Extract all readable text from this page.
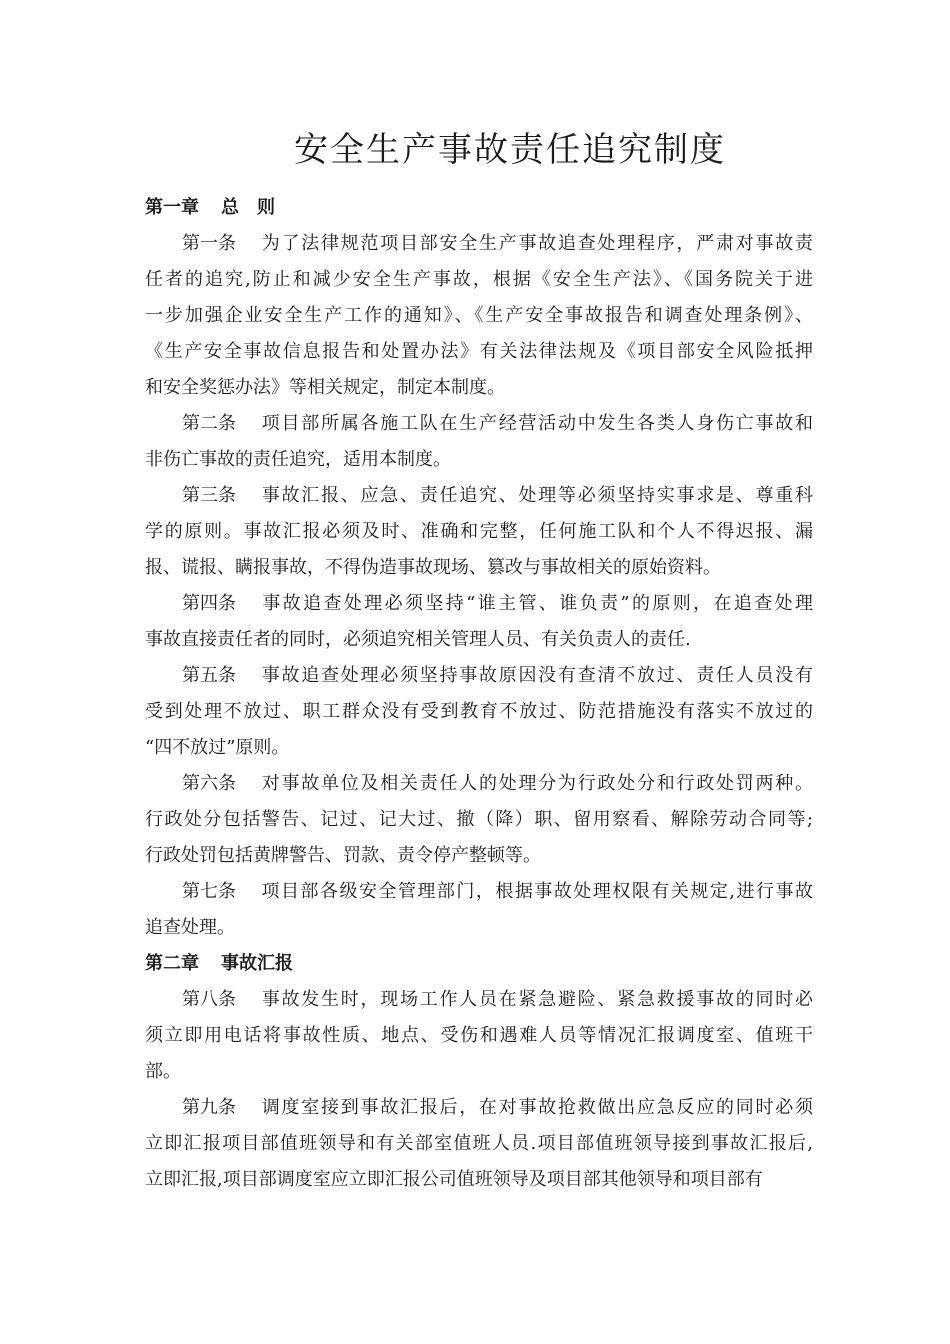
安全生产事故责任追究制度
第一章 总　则
第一条 为了法律规范项目部安全生产事故追查处理程序，严肃对事故责
任者的追究,防止和减少安全生产事故，根据《安全生产法》、《国务院关于进
一步加强企业安全生产工作的通知》、《生产安全事故报告和调查处理条例》、
《生产安全事故信息报告和处置办法》有关法律法规及《项目部安全风险抵押
和安全奖惩办法》等相关规定，制定本制度。
第二条 项目部所属各施工队在生产经营活动中发生各类人身伤亡事故和
非伤亡事故的责任追究，适用本制度。
第三条 事故汇报、应急、责任追究、处理等必须坚持实事求是、尊重科
学的原则。事故汇报必须及时、准确和完整，任何施工队和个人不得迟报、漏
报、谎报、瞒报事故，不得伪造事故现场、篡改与事故相关的原始资料。
第四条 事故追查处理必须坚持“谁主管、谁负责”的原则，在追查处理
事故直接责任者的同时，必须追究相关管理人员、有关负责人的责任.
第五条 事故追查处理必须坚持事故原因没有查清不放过、责任人员没有
受到处理不放过、职工群众没有受到教育不放过、防范措施没有落实不放过的
“四不放过”原则。
第六条 对事故单位及相关责任人的处理分为行政处分和行政处罚两种。
行政处分包括警告、记过、记大过、撤（降）职、留用察看、解除劳动合同等;
行政处罚包括黄牌警告、罚款、责令停产整顿等。
第七条 项目部各级安全管理部门，根据事故处理权限有关规定,进行事故
追查处理。
第二章 事故汇报
第八条 事故发生时，现场工作人员在紧急避险、紧急救援事故的同时必
须立即用电话将事故性质、地点、受伤和遇难人员等情况汇报调度室、值班干
部。
第九条 调度室接到事故汇报后，在对事故抢救做出应急反应的同时必须
立即汇报项目部值班领导和有关部室值班人员.项目部值班领导接到事故汇报后,
立即汇报,项目部调度室应立即汇报公司值班领导及项目部其他领导和项目部有
